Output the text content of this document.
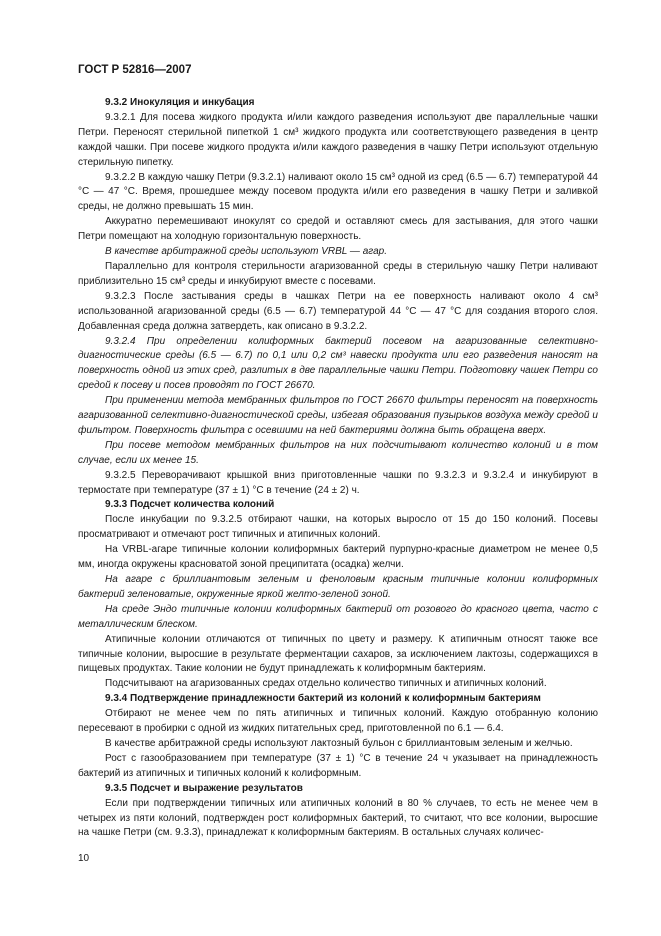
ГОСТ Р 52816—2007

9.3.2 Инокуляция и инкубация

9.3.2.1 Для посева жидкого продукта и/или каждого разведения используют две параллельные чашки Петри. Переносят стерильной пипеткой 1 см³ жидкого продукта или соответствующего разведения в центр каждой чашки. При посеве жидкого продукта и/или каждого разведения в чашку Петри используют отдельную стерильную пипетку.

9.3.2.2 В каждую чашку Петри (9.3.2.1) наливают около 15 см³ одной из сред (6.5 — 6.7) температурой 44 °С — 47 °С. Время, прошедшее между посевом продукта и/или его разведения в чашку Петри и заливкой среды, не должно превышать 15 мин.

Аккуратно перемешивают инокулят со средой и оставляют смесь для застывания, для этого чашки Петри помещают на холодную горизонтальную поверхность.

В качестве арбитражной среды используют VRBL — агар.

Параллельно для контроля стерильности агаризованной среды в стерильную чашку Петри наливают приблизительно 15 см³ среды и инкубируют вместе с посевами.

9.3.2.3 После застывания среды в чашках Петри на ее поверхность наливают около 4 см³ использованной агаризованной среды (6.5 — 6.7) температурой 44 °С — 47 °С для создания второго слоя. Добавленная среда должна затвердеть, как описано в 9.3.2.2.

9.3.2.4 При определении колиформных бактерий посевом на агаризованные селективно-диагностические среды (6.5 — 6.7) по 0,1 или 0,2 см³ навески продукта или его разведения наносят на поверхность одной из этих сред, разлитых в две параллельные чашки Петри. Подготовку чашек Петри со средой к посеву и посев проводят по ГОСТ 26670.

При применении метода мембранных фильтров по ГОСТ 26670 фильтры переносят на поверхность агаризованной селективно-диагностической среды, избегая образования пузырьков воздуха между средой и фильтром. Поверхность фильтра с осевшими на ней бактериями должна быть обращена вверх.

При посеве методом мембранных фильтров на них подсчитывают количество колоний и в том случае, если их менее 15.

9.3.2.5 Переворачивают крышкой вниз приготовленные чашки по 9.3.2.3 и 9.3.2.4 и инкубируют в термостате при температуре (37 ± 1) °С в течение (24 ± 2) ч.

9.3.3 Подсчет количества колоний

После инкубации по 9.3.2.5 отбирают чашки, на которых выросло от 15 до 150 колоний. Посевы просматривают и отмечают рост типичных и атипичных колоний.

На VRBL-агаре типичные колонии колиформных бактерий пурпурно-красные диаметром не менее 0,5 мм, иногда окружены красноватой зоной преципитата (осадка) желчи.

На агаре с бриллиантовым зеленым и феноловым красным типичные колонии колиформных бактерий зеленоватые, окруженные яркой желто-зеленой зоной.

На среде Эндо типичные колонии колиформных бактерий от розового до красного цвета, часто с металлическим блеском.

Атипичные колонии отличаются от типичных по цвету и размеру. К атипичным относят также все типичные колонии, выросшие в результате ферментации сахаров, за исключением лактозы, содержащихся в пищевых продуктах. Такие колонии не будут принадлежать к колиформным бактериям.

Подсчитывают на агаризованных средах отдельно количество типичных и атипичных колоний.

9.3.4 Подтверждение принадлежности бактерий из колоний к колиформным бактериям

Отбирают не менее чем по пять атипичных и типичных колоний. Каждую отобранную колонию пересевают в пробирки с одной из жидких питательных сред, приготовленной по 6.1 — 6.4.

В качестве арбитражной среды используют лактозный бульон с бриллиантовым зеленым и желчью.

Рост с газообразованием при температуре (37 ± 1) °С в течение 24 ч указывает на принадлежность бактерий из атипичных и типичных колоний к колиформным.

9.3.5 Подсчет и выражение результатов

Если при подтверждении типичных или атипичных колоний в 80 % случаев, то есть не менее чем в четырех из пяти колоний, подтвержден рост колиформных бактерий, то считают, что все колонии, выросшие на чашке Петри (см. 9.3.3), принадлежат к колиформным бактериям. В остальных случаях количес-

10
